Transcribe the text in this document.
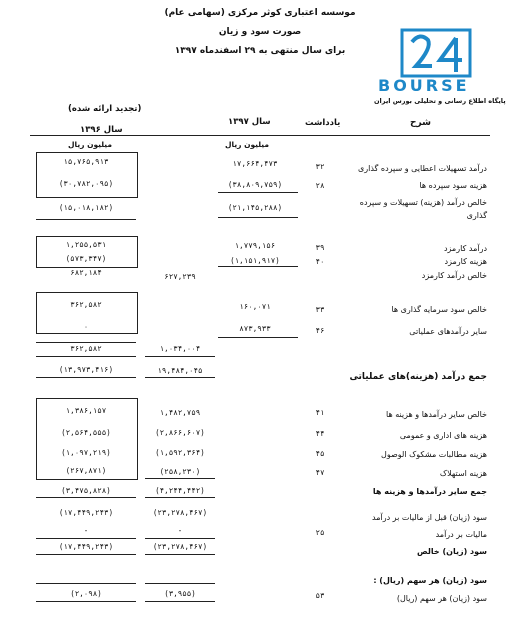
موسسه اعتباری کوثر مرکزی (سهامی عام)
صورت سود و زیان
برای سال منتهی به ۲۹ اسفندماه ۱۳۹۷
BOURSE
پایگاه اطلاع رسانی و تحلیلی بورس ایران
شرح
یادداشت
سال ۱۳۹۷
(تجدید ارائه شده)
سال ۱۳۹۶
میلیون ریال
میلیون ریال
درآمد تسهیلات اعطایی و سپرده گذاری
۳۲
۱۷,۶۶۴,۴۷۳
۱۵,۷۶۵,۹۱۳
هزینه سود سپرده ها
۲۸
(۳۸,۸۰۹,۷۵۹)
(۳۰,۷۸۲,۰۹۵)
خالص درآمد (هزینه) تسهیلات و سپرده
گذاری
(۲۱,۱۴۵,۲۸۸)
(۱۵,۰۱۸,۱۸۲)
درآمد کارمزد
۳۹
۱,۷۷۹,۱۵۶
۱,۲۵۵,۵۳۱
هزینه کارمزد
۴۰
(۱,۱۵۱,۹۱۷)
(۵۷۳,۳۴۷)
خالص درآمد کارمزد
۶۲۷,۲۳۹
۶۸۲,۱۸۴
خالص سود سرمایه گذاری ها
۳۳
۱۶۰,۰۷۱
۳۶۲,۵۸۲
سایر درآمدهای عملیاتی
۴۶
۸۷۳,۹۳۳
۰
۱,۰۳۴,۰۰۴
۳۶۲,۵۸۲
جمع درآمد (هزینه)های عملیاتی
۱۹,۴۸۴,۰۴۵
(۱۳,۹۷۳,۴۱۶)
خالص سایر درآمدها و هزینه ها
۴۱
۱,۴۸۲,۷۵۹
۱,۳۸۶,۱۵۷
هزینه های اداری و عمومی
۴۴
(۲,۸۶۶,۶۰۷)
(۲,۵۶۴,۵۵۵)
هزینه مطالبات مشکوک الوصول
۴۵
(۱,۵۹۲,۳۶۴)
(۱,۰۹۷,۲۱۹)
هزینه استهلاک
۴۷
(۲۵۸,۲۳۰)
(۲۶۷,۸۷۱)
جمع سایر درآمدها و هزینه ها
(۴,۲۴۴,۴۴۲)
(۳,۴۷۵,۸۲۸)
سود (زیان) قبل از مالیات بر درآمد
(۲۳,۲۷۸,۴۶۷)
(۱۷,۴۴۹,۲۴۳)
مالیات بر درآمد
۲۵
-
-
سود (زیان) خالص
(۲۳,۲۷۸,۴۶۷)
(۱۷,۴۴۹,۲۴۳)
سود (زیان) هر سهم (ریال) :
سود (زیان) هر سهم (ریال)
۵۳
(۳,۹۵۵)
(۲,۰۹۸)
